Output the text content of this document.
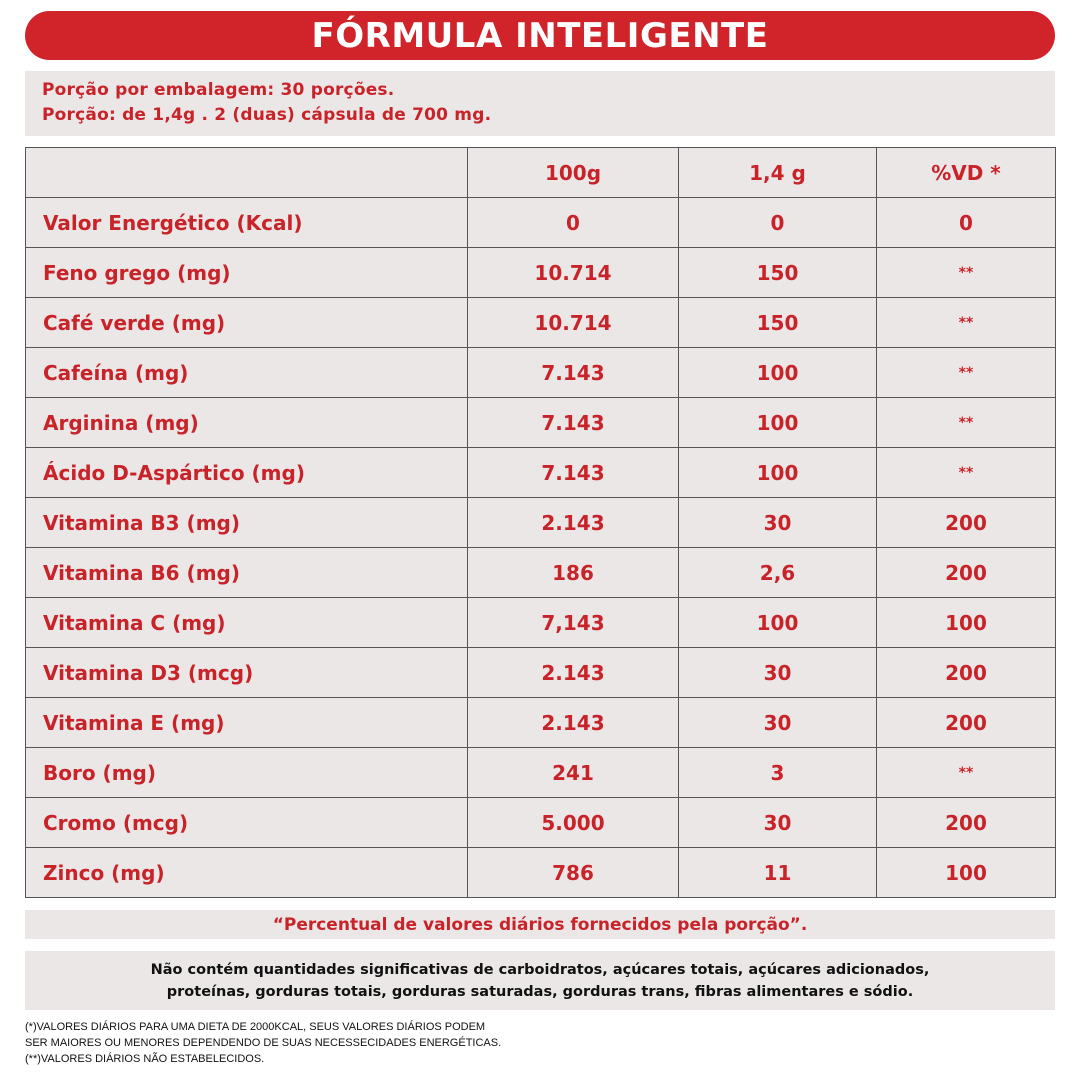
FÓRMULA INTELIGENTE
Porção por embalagem: 30 porções.
Porção: de 1,4g . 2 (duas) cápsula de 700 mg.
	100g	1,4 g	%VD *
Valor Energético (Kcal)	0	0	0
Feno grego (mg)	10.714	150	**
Café verde (mg)	10.714	150	**
Cafeína (mg)	7.143	100	**
Arginina (mg)	7.143	100	**
Ácido D-Aspártico (mg)	7.143	100	**
Vitamina B3 (mg)	2.143	30	200
Vitamina B6 (mg)	186	2,6	200
Vitamina C (mg)	7,143	100	100
Vitamina D3 (mcg)	2.143	30	200
Vitamina E (mg)	2.143	30	200
Boro (mg)	241	3	**
Cromo (mcg)	5.000	30	200
Zinco (mg)	786	11	100
“Percentual de valores diários fornecidos pela porção”.
Não contém quantidades significativas de carboidratos, açúcares totais, açúcares adicionados,
proteínas, gorduras totais, gorduras saturadas, gorduras trans, fibras alimentares e sódio.
(*)VALORES DIÁRIOS PARA UMA DIETA DE 2000KCAL, SEUS VALORES DIÁRIOS PODEM
SER MAIORES OU MENORES DEPENDENDO DE SUAS NECESSECIDADES ENERGÉTICAS.
(**)VALORES DIÁRIOS NÃO ESTABELECIDOS.
